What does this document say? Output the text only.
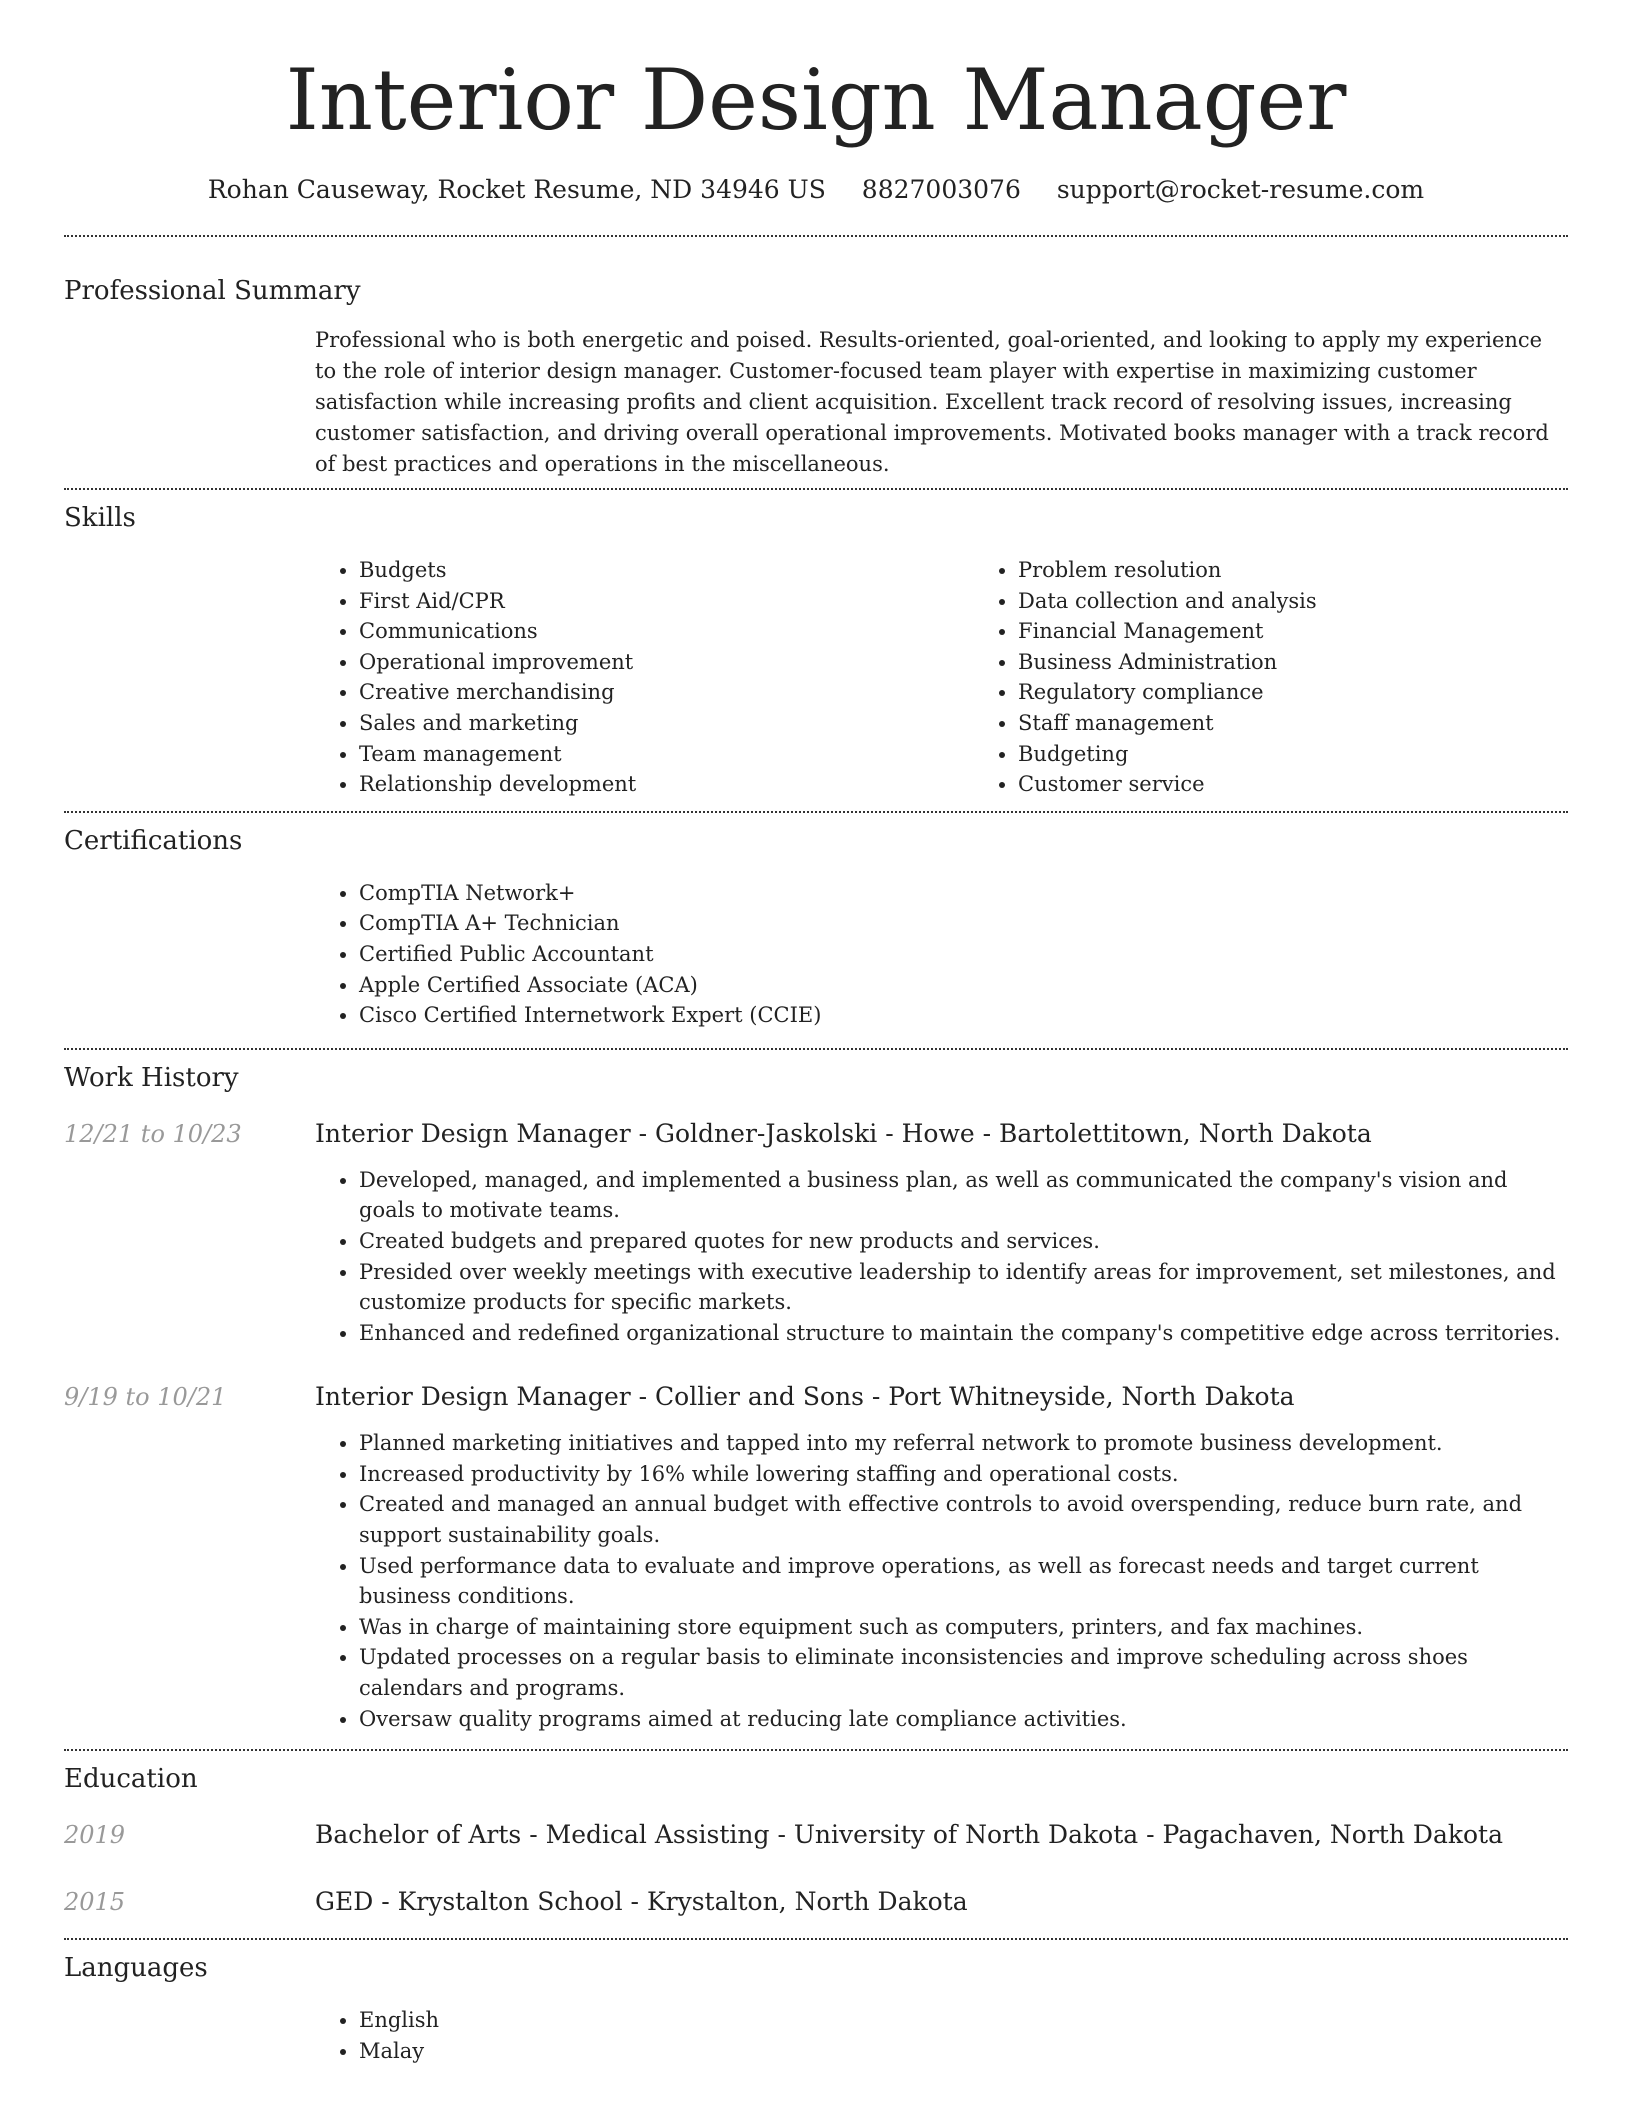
Interior Design Manager
Rohan Causeway, Rocket Resume, ND 34946 US 8827003076 support@rocket-resume.com
Professional Summary
Professional who is both energetic and poised. Results-oriented, goal-oriented, and looking to apply my experience to the role of interior design manager. Customer-focused team player with expertise in maximizing customer satisfaction while increasing profits and client acquisition. Excellent track record of resolving issues, increasing customer satisfaction, and driving overall operational improvements. Motivated books manager with a track record of best practices and operations in the miscellaneous.
Skills
• Budgets
• First Aid/CPR
• Communications
• Operational improvement
• Creative merchandising
• Sales and marketing
• Team management
• Relationship development
• Problem resolution
• Data collection and analysis
• Financial Management
• Business Administration
• Regulatory compliance
• Staff management
• Budgeting
• Customer service
Certifications
• CompTIA Network+
• CompTIA A+ Technician
• Certified Public Accountant
• Apple Certified Associate (ACA)
• Cisco Certified Internetwork Expert (CCIE)
Work History
12/21 to 10/23	Interior Design Manager - Goldner-Jaskolski - Howe - Bartolettitown, North Dakota
• Developed, managed, and implemented a business plan, as well as communicated the company's vision and goals to motivate teams.
• Created budgets and prepared quotes for new products and services.
• Presided over weekly meetings with executive leadership to identify areas for improvement, set milestones, and customize products for specific markets.
• Enhanced and redefined organizational structure to maintain the company's competitive edge across territories.
9/19 to 10/21	Interior Design Manager - Collier and Sons - Port Whitneyside, North Dakota
• Planned marketing initiatives and tapped into my referral network to promote business development.
• Increased productivity by 16% while lowering staffing and operational costs.
• Created and managed an annual budget with effective controls to avoid overspending, reduce burn rate, and support sustainability goals.
• Used performance data to evaluate and improve operations, as well as forecast needs and target current business conditions.
• Was in charge of maintaining store equipment such as computers, printers, and fax machines.
• Updated processes on a regular basis to eliminate inconsistencies and improve scheduling across shoes calendars and programs.
• Oversaw quality programs aimed at reducing late compliance activities.
Education
2019	Bachelor of Arts - Medical Assisting - University of North Dakota - Pagachaven, North Dakota
2015	GED - Krystalton School - Krystalton, North Dakota
Languages
• English
• Malay
